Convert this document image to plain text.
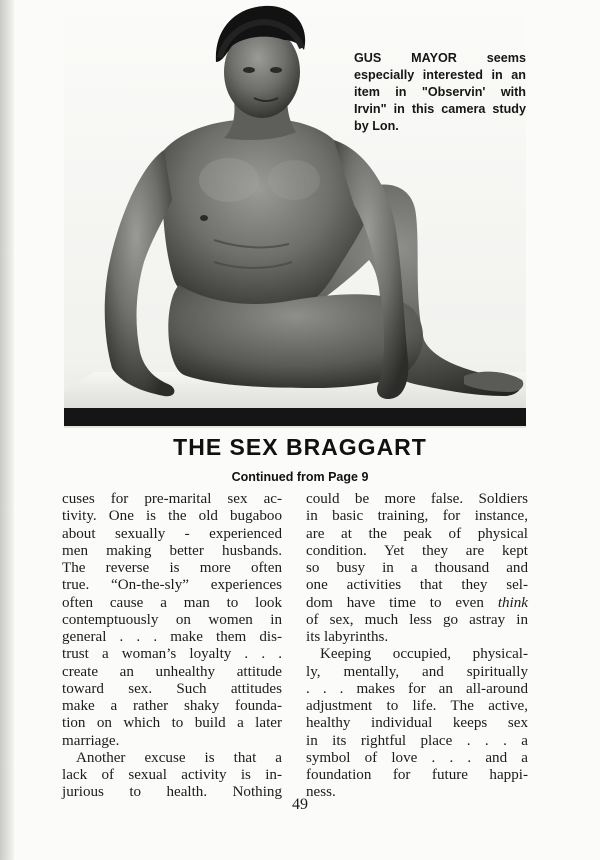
GUS MAYOR seems especially interested in an item in "Observin' with Irvin" in this camera study by Lon.
THE SEX BRAGGART
Continued from Page 9
cuses for pre-marital sex ac-
tivity. One is the old bugaboo
about sexually - experienced
men making better husbands.
The reverse is more often
true. “On-the-sly” experiences
often cause a man to look
contemptuously on women in
general . . . make them dis-
trust a woman’s loyalty . . .
create an unhealthy attitude
toward sex. Such attitudes
make a rather shaky founda-
tion on which to build a later
marriage.
Another excuse is that a
lack of sexual activity is in-
jurious to health. Nothing
could be more false. Soldiers
in basic training, for instance,
are at the peak of physical
condition. Yet they are kept
so busy in a thousand and
one activities that they sel-
dom have time to even think
of sex, much less go astray in
its labyrinths.
Keeping occupied, physical-
ly, mentally, and spiritually
. . . makes for an all-around
adjustment to life. The active,
healthy individual keeps sex
in its rightful place . . . a
symbol of love . . . and a
foundation for future happi-
ness.
49
